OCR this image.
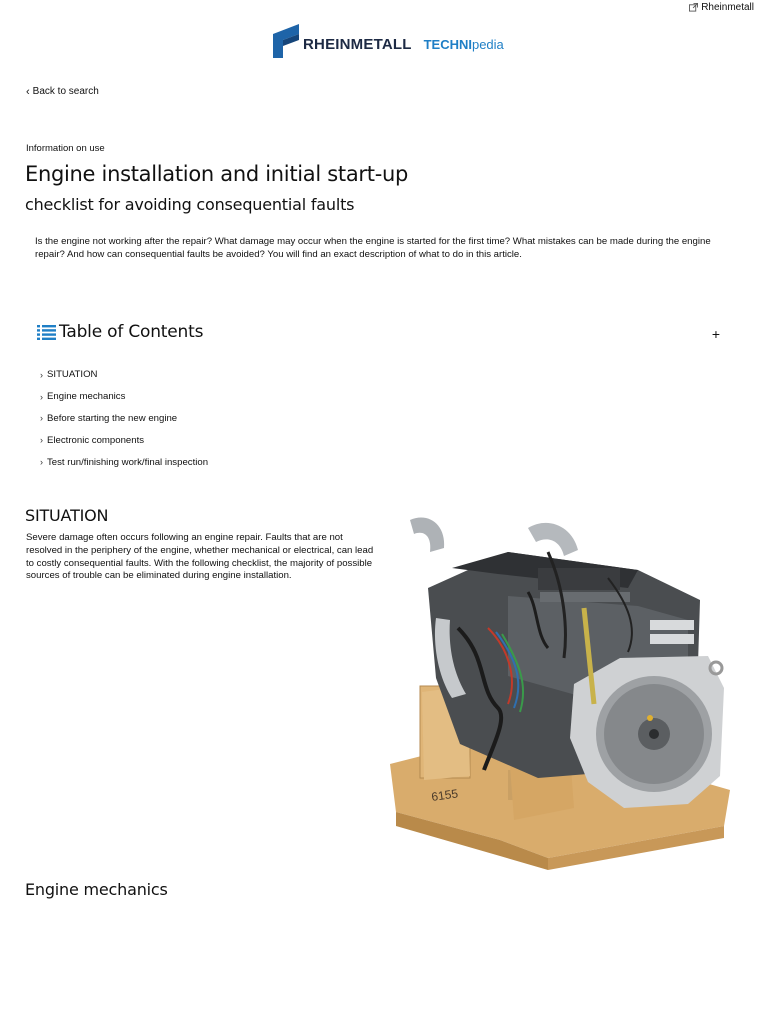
Rheinmetall
RHEINMETALL TECHNIpedia
‹ Back to search
Information on use
Engine installation and initial start-up
checklist for avoiding consequential faults

Is the engine not working after the repair? What damage may occur when the engine is started for the first time? What mistakes can be made during the engine repair? And how can consequential faults be avoided? You will find an exact description of what to do in this article.

Table of Contents	+
› SITUATION
› Engine mechanics
› Before starting the new engine
› Electronic components
› Test run/finishing work/final inspection
SITUATION

Severe damage often occurs following an engine repair. Faults that are not resolved in the periphery of the engine, whether mechanical or electrical, can lead to costly consequential faults. With the following checklist, the majority of possible sources of trouble can be eliminated during engine installation.

6155
Engine mechanics
